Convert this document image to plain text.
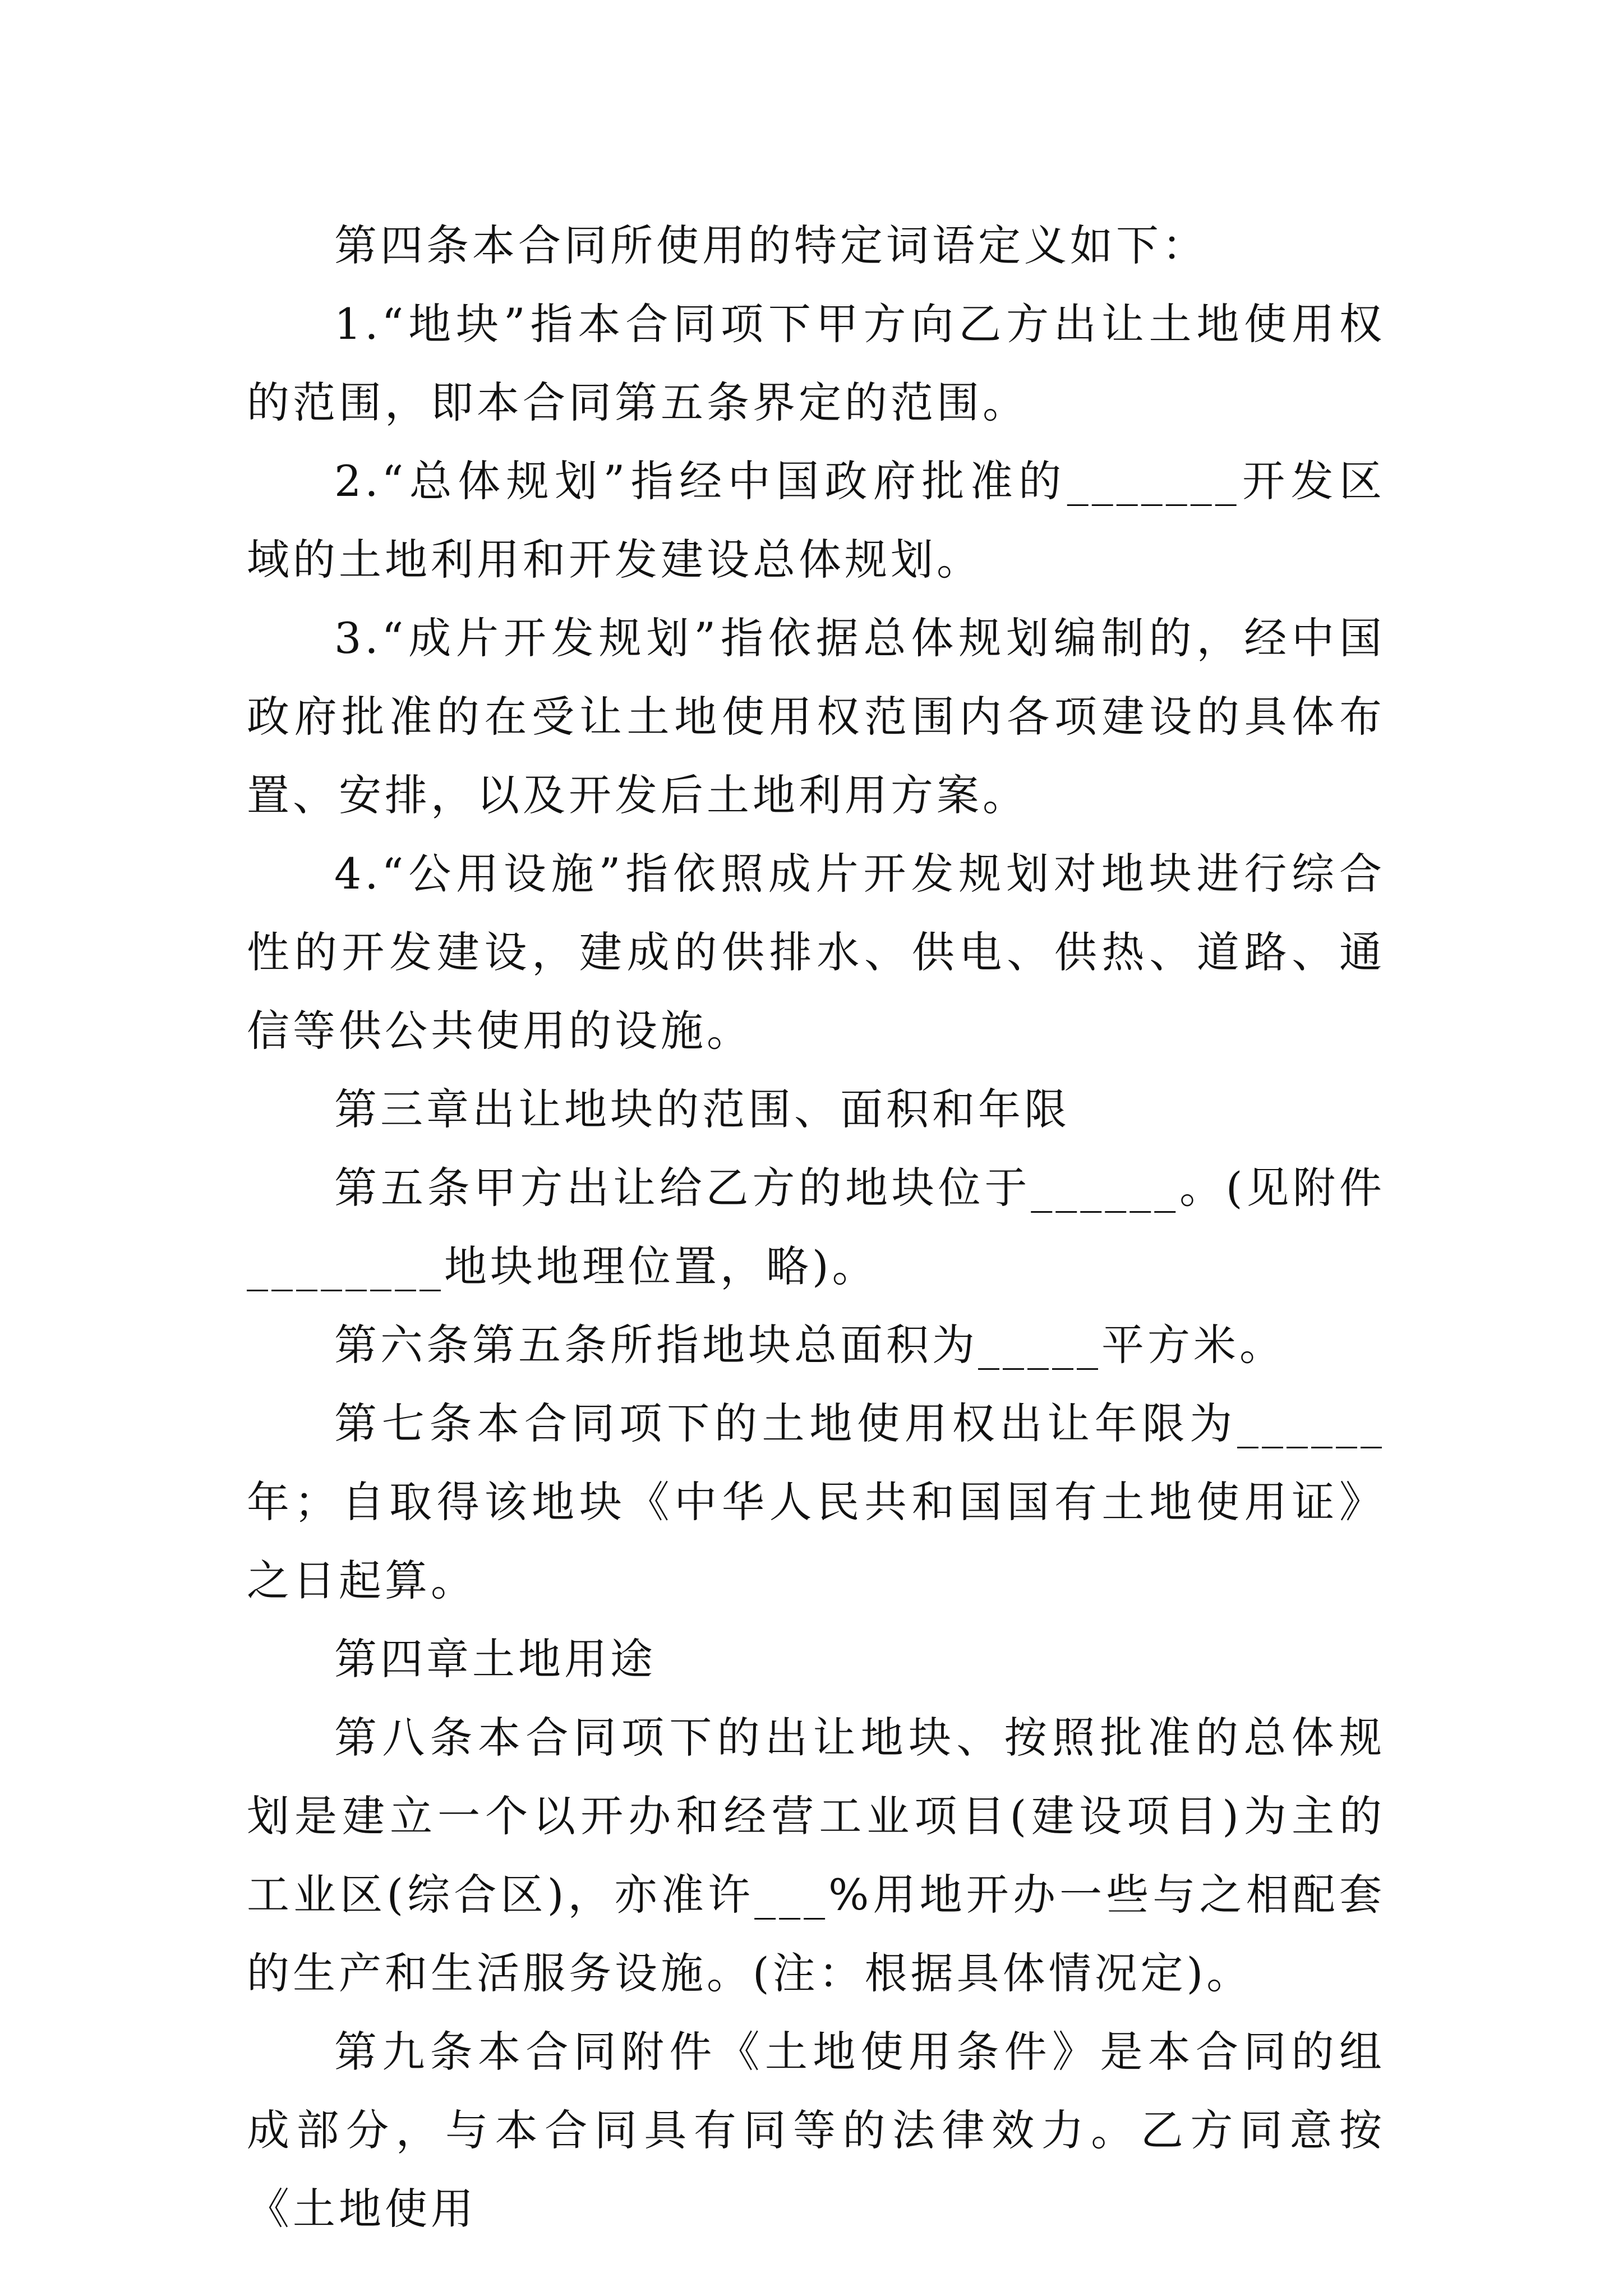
第四条本合同所使用的特定词语定义如下：

1.“地块”指本合同项下甲方向乙方出让土地使用权的范围，即本合同第五条界定的范围。

2.“总体规划”指经中国政府批准的_______开发区域的土地利用和开发建设总体规划。

3.“成片开发规划”指依据总体规划编制的，经中国政府批准的在受让土地使用权范围内各项建设的具体布置、安排，以及开发后土地利用方案。

4.“公用设施”指依照成片开发规划对地块进行综合性的开发建设，建成的供排水、供电、供热、道路、通信等供公共使用的设施。

第三章出让地块的范围、面积和年限

第五条甲方出让给乙方的地块位于______。(见附件________地块地理位置，略)。

第六条第五条所指地块总面积为_____平方米。

第七条本合同项下的土地使用权出让年限为______年；自取得该地块《中华人民共和国国有土地使用证》之日起算。

第四章土地用途

第八条本合同项下的出让地块、按照批准的总体规划是建立一个以开办和经营工业项目(建设项目)为主的工业区(综合区)，亦准许___%用地开办一些与之相配套的生产和生活服务设施。(注：根据具体情况定)。

第九条本合同附件《土地使用条件》是本合同的组成部分，与本合同具有同等的法律效力。乙方同意按《土地使用
